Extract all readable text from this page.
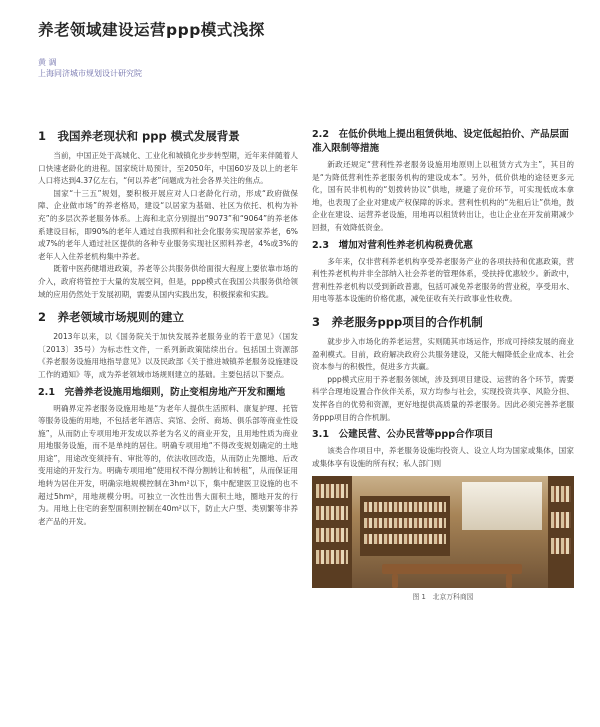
养老领域建设运营ppp模式浅探
黄 调
上海同济城市规划设计研究院
1　我国养老现状和 ppp 模式发展背景
当前，中国正处于高城化、工业化和城镇化步步转型期，近年来伴随着人口快速老龄化的进程。国家统计局预计，至2050年，中国60岁及以上的老年人口将达到4.37亿左右，“何以养老”问题成为社会各界关注的焦点。
国家“十三五”规划，要积极开展应对人口老龄化行动，形成“政府做保障、企业做市场”的养老格局，建设“以居家为基础、社区为依托、机构为补充”的多层次养老服务体系。上海和北京分别提出“9073”和“9064”的养老体系建设目标，即90%的老年人通过自我照料和社会化服务实现居家养老，6%或7%的老年人通过社区提供的各种专业服务实现社区照料养老，4%或3%的老年人入住养老机构集中养老。
既着中医药健增进政策，养老等公共服务供给面很大程度上要依靠市场的介入，政府将管控于大量的发展空间，但是，ppp模式在我国公共服务供给领域的应用仍然处于发展初期，需要从国内实践出发，积极探索和实践。
2　养老领域市场规则的建立
2013年以来，以《国务院关于加快发展养老服务业的若干意见》（国发〔2013〕35号）为标志性文件，一系列新政策陆续出台。包括国土资源部《养老服务设施用地指导意见》以及民政部《关于推进城镇养老服务设施建设工作的通知》等，成为养老领域市场规则建立的基础。主要包括以下要点。
2.1　完善养老设施用地细则，防止变相房地产开发和圈地
明确界定养老服务设施用地是“为老年人提供生活照料、康复护理、托管等服务设施的用地，不包括老年酒店、宾馆、会所、商场、俱乐部等商业性设施”，从而防止专项用地开发成以养老为名义的商业开发，且用地性质为商业用地服务设施，而不是单纯的居住。明确专项用地“不得改变规划确定的土地用途”，用途改变须持有、审批等的，依法收回改造，从而防止先圈地、后改变用途的开发行为。明确专项用地“使用权不得分割转让和转租”，从而保证用地转为居住开发，明确宗地规模控制在3hm²以下，集中配建医卫设施的也不超过5hm²，用地规模分明。可独立一次性出售大面积土地，圈地开发的行为。用地上住宅的套型面积则控制在40m²以下，防止大户型、类别繁等非养老产品的开发。
2.2　在低价供地上提出租赁供地、设定低起拍价、产品层面准入限制等措施
新政还规定“营利性养老服务设施用地原则上以租赁方式为主”，其目的是“为降低营利性养老服务机构的建设成本”。另外，低价供地的途径更多元化，国有民非机构的“划拨转协议”供地，规避了竞价环节，可实现低成本拿地，也表现了企业对建成产权保障的诉求。营利性机构的“先租后让”供地，鼓企业在建设、运营养老设施，用地再以租赁转出让，也让企业在开发前期减少回报，有效降低资金。
2.3　增加对营利性养老机构税费优惠
多年来，仅非营利养老机构享受养老服务产业的各项扶持和优惠政策，营利性养老机构并非全部纳入社会养老的管理体系，受扶持优惠较少。新政中，营利性养老机构以受到新政普惠，包括可减免养老服务的营业税，享受用水、用电等基本设施的价格优惠，减免征收有关行政事业性收费。
3　养老服务ppp项目的合作机制
就步步入市场化的养老运营，实则随其市场运作，形成可持续发展的商业盈利模式。目前，政府解决政府公共服务建设，又能大幅降低企业成本、社会资本参与的积极性，促进多方共赢。
ppp模式应用于养老服务领域，涉及到项目建设、运营的各个环节，需要科学合理地设置合作伙伴关系，双方均参与社会，实现投资共享、风险分担、发挥各自的优势和资源，更好地提供高质量的养老服务。因此必须完善养老服务ppp项目的合作机制。
3.1　公建民营、公办民营等ppp合作项目
该类合作项目中，养老服务设施均投资人、设立人均为国家或集体，国家或集体享有设施的所有权；私人部门则
图 1　北京万科商园
